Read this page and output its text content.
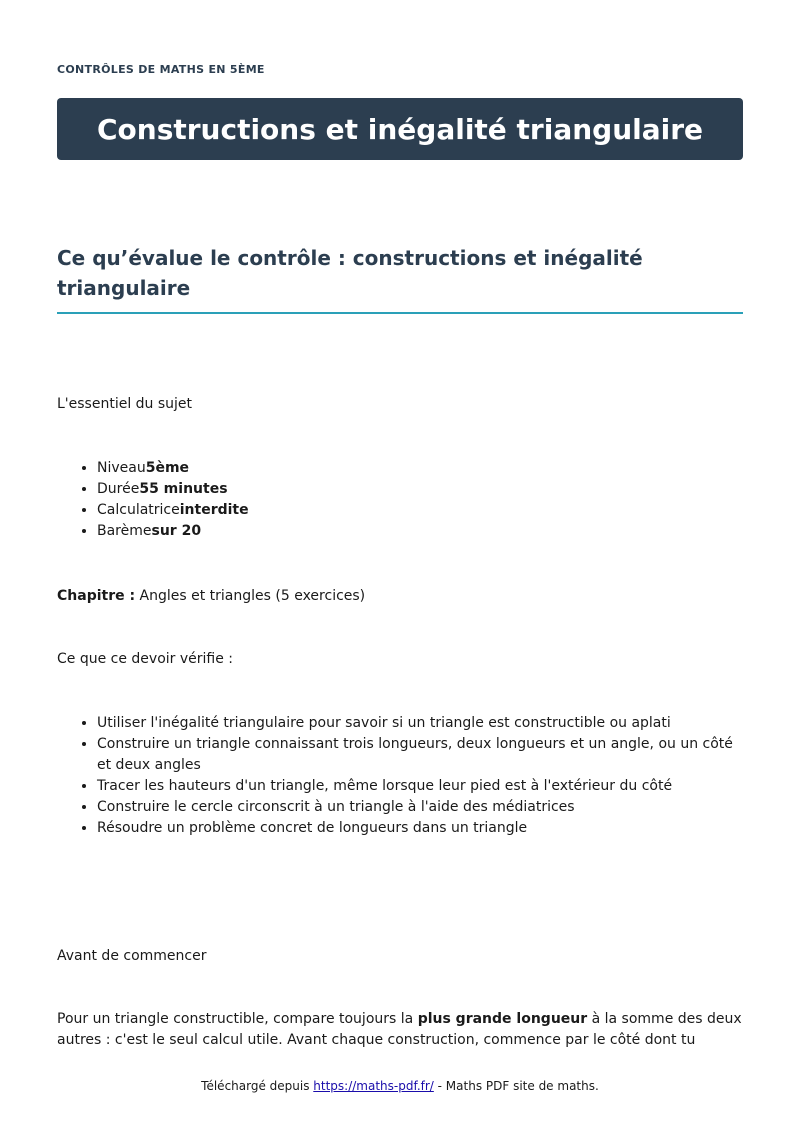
CONTRÔLES DE MATHS EN 5ÈME
Constructions et inégalité triangulaire
Ce qu’évalue le contrôle : constructions et inégalité triangulaire

L'essentiel du sujet

• Niveau5ème
• Durée55 minutes
• Calculatriceinterdite
• Barèmesur 20

Chapitre : Angles et triangles (5 exercices)

Ce que ce devoir vérifie :

• Utiliser l'inégalité triangulaire pour savoir si un triangle est constructible ou aplati
• Construire un triangle connaissant trois longueurs, deux longueurs et un angle, ou un côté et deux angles
• Tracer les hauteurs d'un triangle, même lorsque leur pied est à l'extérieur du côté
• Construire le cercle circonscrit à un triangle à l'aide des médiatrices
• Résoudre un problème concret de longueurs dans un triangle

Avant de commencer

Pour un triangle constructible, compare toujours la plus grande longueur à la somme des deux autres : c'est le seul calcul utile. Avant chaque construction, commence par le côté dont tu

Téléchargé depuis https://maths-pdf.fr/ - Maths PDF site de maths.
